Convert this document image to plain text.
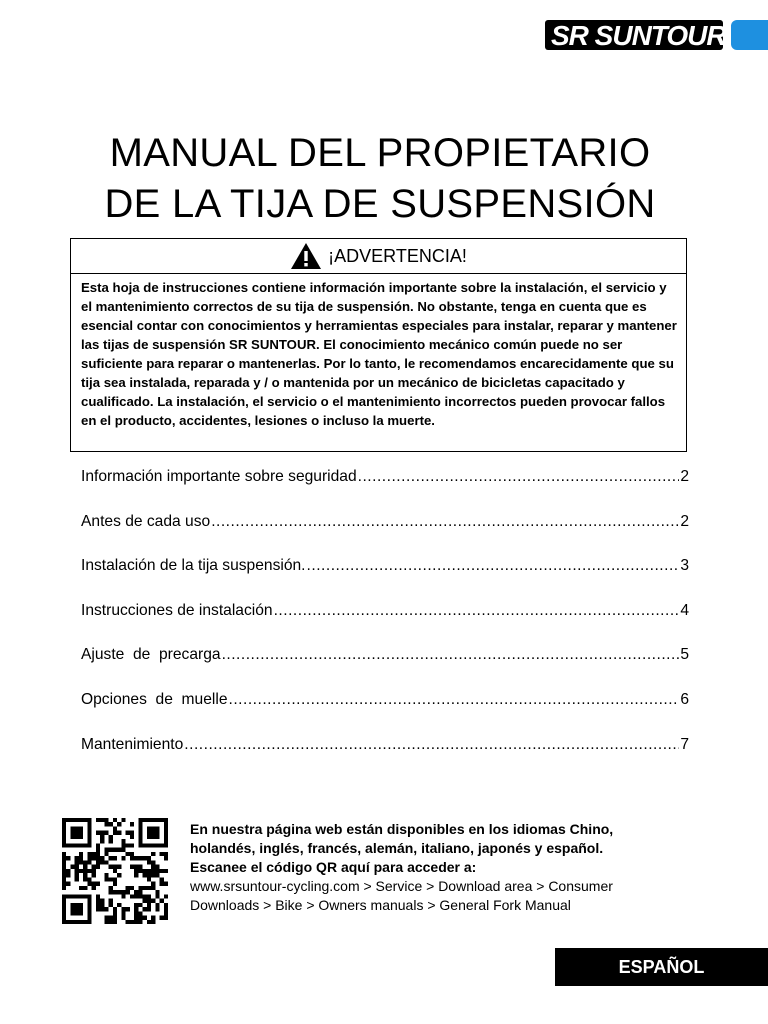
SR SUNTOUR
MANUAL DEL PROPIETARIO
DE LA TIJA DE SUSPENSIÓN
¡ADVERTENCIA!
Esta hoja de instrucciones contiene información importante sobre la instalación, el servicio y el mantenimiento correctos de su tija de suspensión. No obstante, tenga en cuenta que es esencial contar con conocimientos y herramientas especiales para instalar, reparar y mantener las tijas de suspensión SR SUNTOUR. El conocimiento mecánico común puede no ser suficiente para reparar o mantenerlas. Por lo tanto, le recomendamos encarecidamente que su tija sea instalada, reparada y / o mantenida por un mecánico de bicicletas capacitado y cualificado. La instalación, el servicio o el mantenimiento incorrectos pueden provocar fallos en el producto, accidentes, lesiones o incluso la muerte.
Información importante sobre seguridad .....	2
Antes de cada uso .....	2
Instalación de la tija suspensión. .....	3
Instrucciones de instalación .....	4
Ajuste  de  precarga .....	5
Opciones  de  muelle .....	6
Mantenimiento .....	7
En nuestra página web están disponibles en los idiomas Chino,
holandés, inglés, francés, alemán, italiano, japonés y español.
Escanee el código QR aquí para acceder a:
www.srsuntour-cycling.com > Service > Download area > Consumer
Downloads > Bike > Owners manuals > General Fork Manual
ESPAÑOL
